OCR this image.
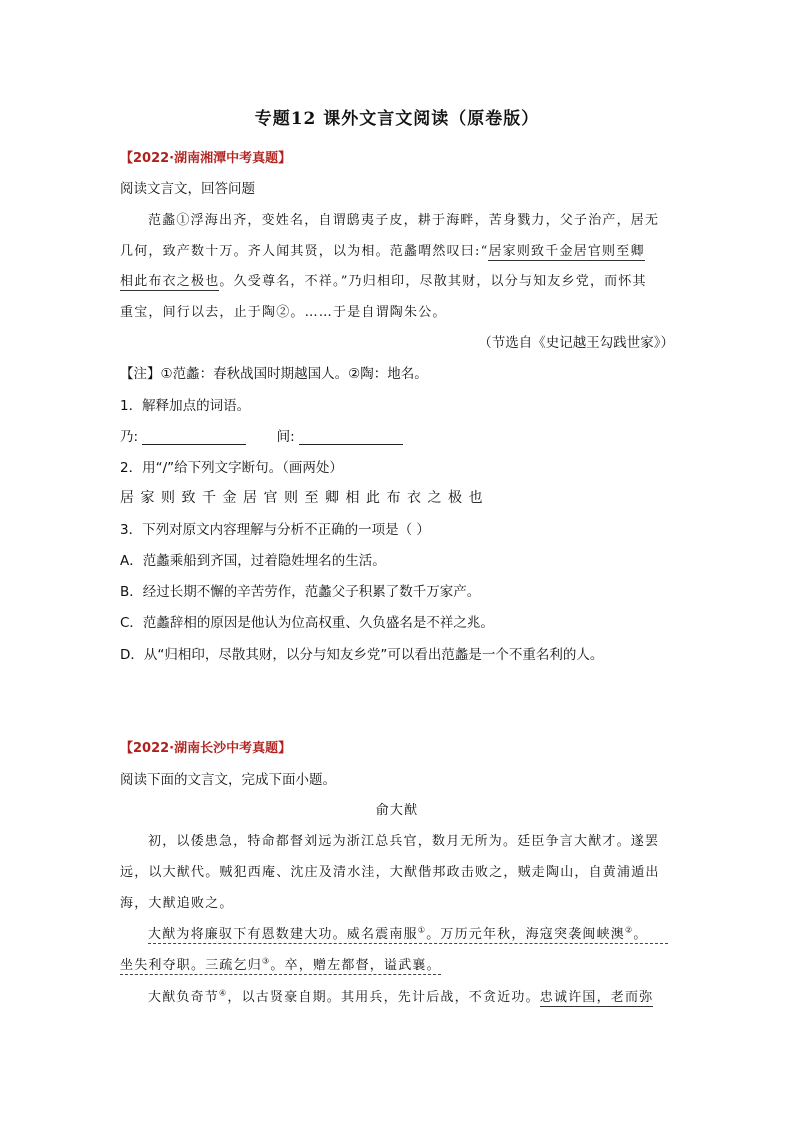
专题12 课外文言文阅读（原卷版）
【2022·湖南湘潭中考真题】
阅读文言文，回答问题
范蠡①浮海出齐，变姓名，自谓鸱夷子皮，耕于海畔，苦身戮力，父子治产，居无
几何，致产数十万。齐人闻其贤，以为相。范蠡喟然叹曰:“居家则致千金居官则至卿
相此布衣之极也。久受尊名，不祥。”乃归相印，尽散其财，以分与知友乡党，而怀其
重宝，间行以去，止于陶②。……于是自谓陶朱公。
（节选自《史记越王勾践世家》）
【注】①范蠡：春秋战国时期越国人。②陶：地名。
1．解释加点的词语。
乃:	间:
2．用“/”给下列文字断句。（画两处）
居家则致千金居官则至卿相此布衣之极也
3．下列对原文内容理解与分析不正确的一项是（ ）
A．范蠡乘船到齐国，过着隐姓埋名的生活。
B．经过长期不懈的辛苦劳作，范蠡父子积累了数千万家产。
C．范蠡辞相的原因是他认为位高权重、久负盛名是不祥之兆。
D．从“归相印，尽散其财，以分与知友乡党”可以看出范蠡是一个不重名利的人。
【2022·湖南长沙中考真题】
阅读下面的文言文，完成下面小题。
俞大猷
初，以倭患急，特命都督刘远为浙江总兵官，数月无所为。廷臣争言大猷才。遂罢
远，以大猷代。贼犯西庵、沈庄及清水洼，大猷偕邦政击败之，贼走陶山，自黄浦遁出
海，大猷追败之。
大猷为将廉驭下有恩数建大功。威名震南服①。万历元年秋，海寇突袭闽峡澳②。
坐失利夺职。三疏乞归③。卒，赠左都督，谥武襄。
大猷负奇节④，以古贤豪自期。其用兵，先计后战，不贪近功。忠诚许国，老而弥
